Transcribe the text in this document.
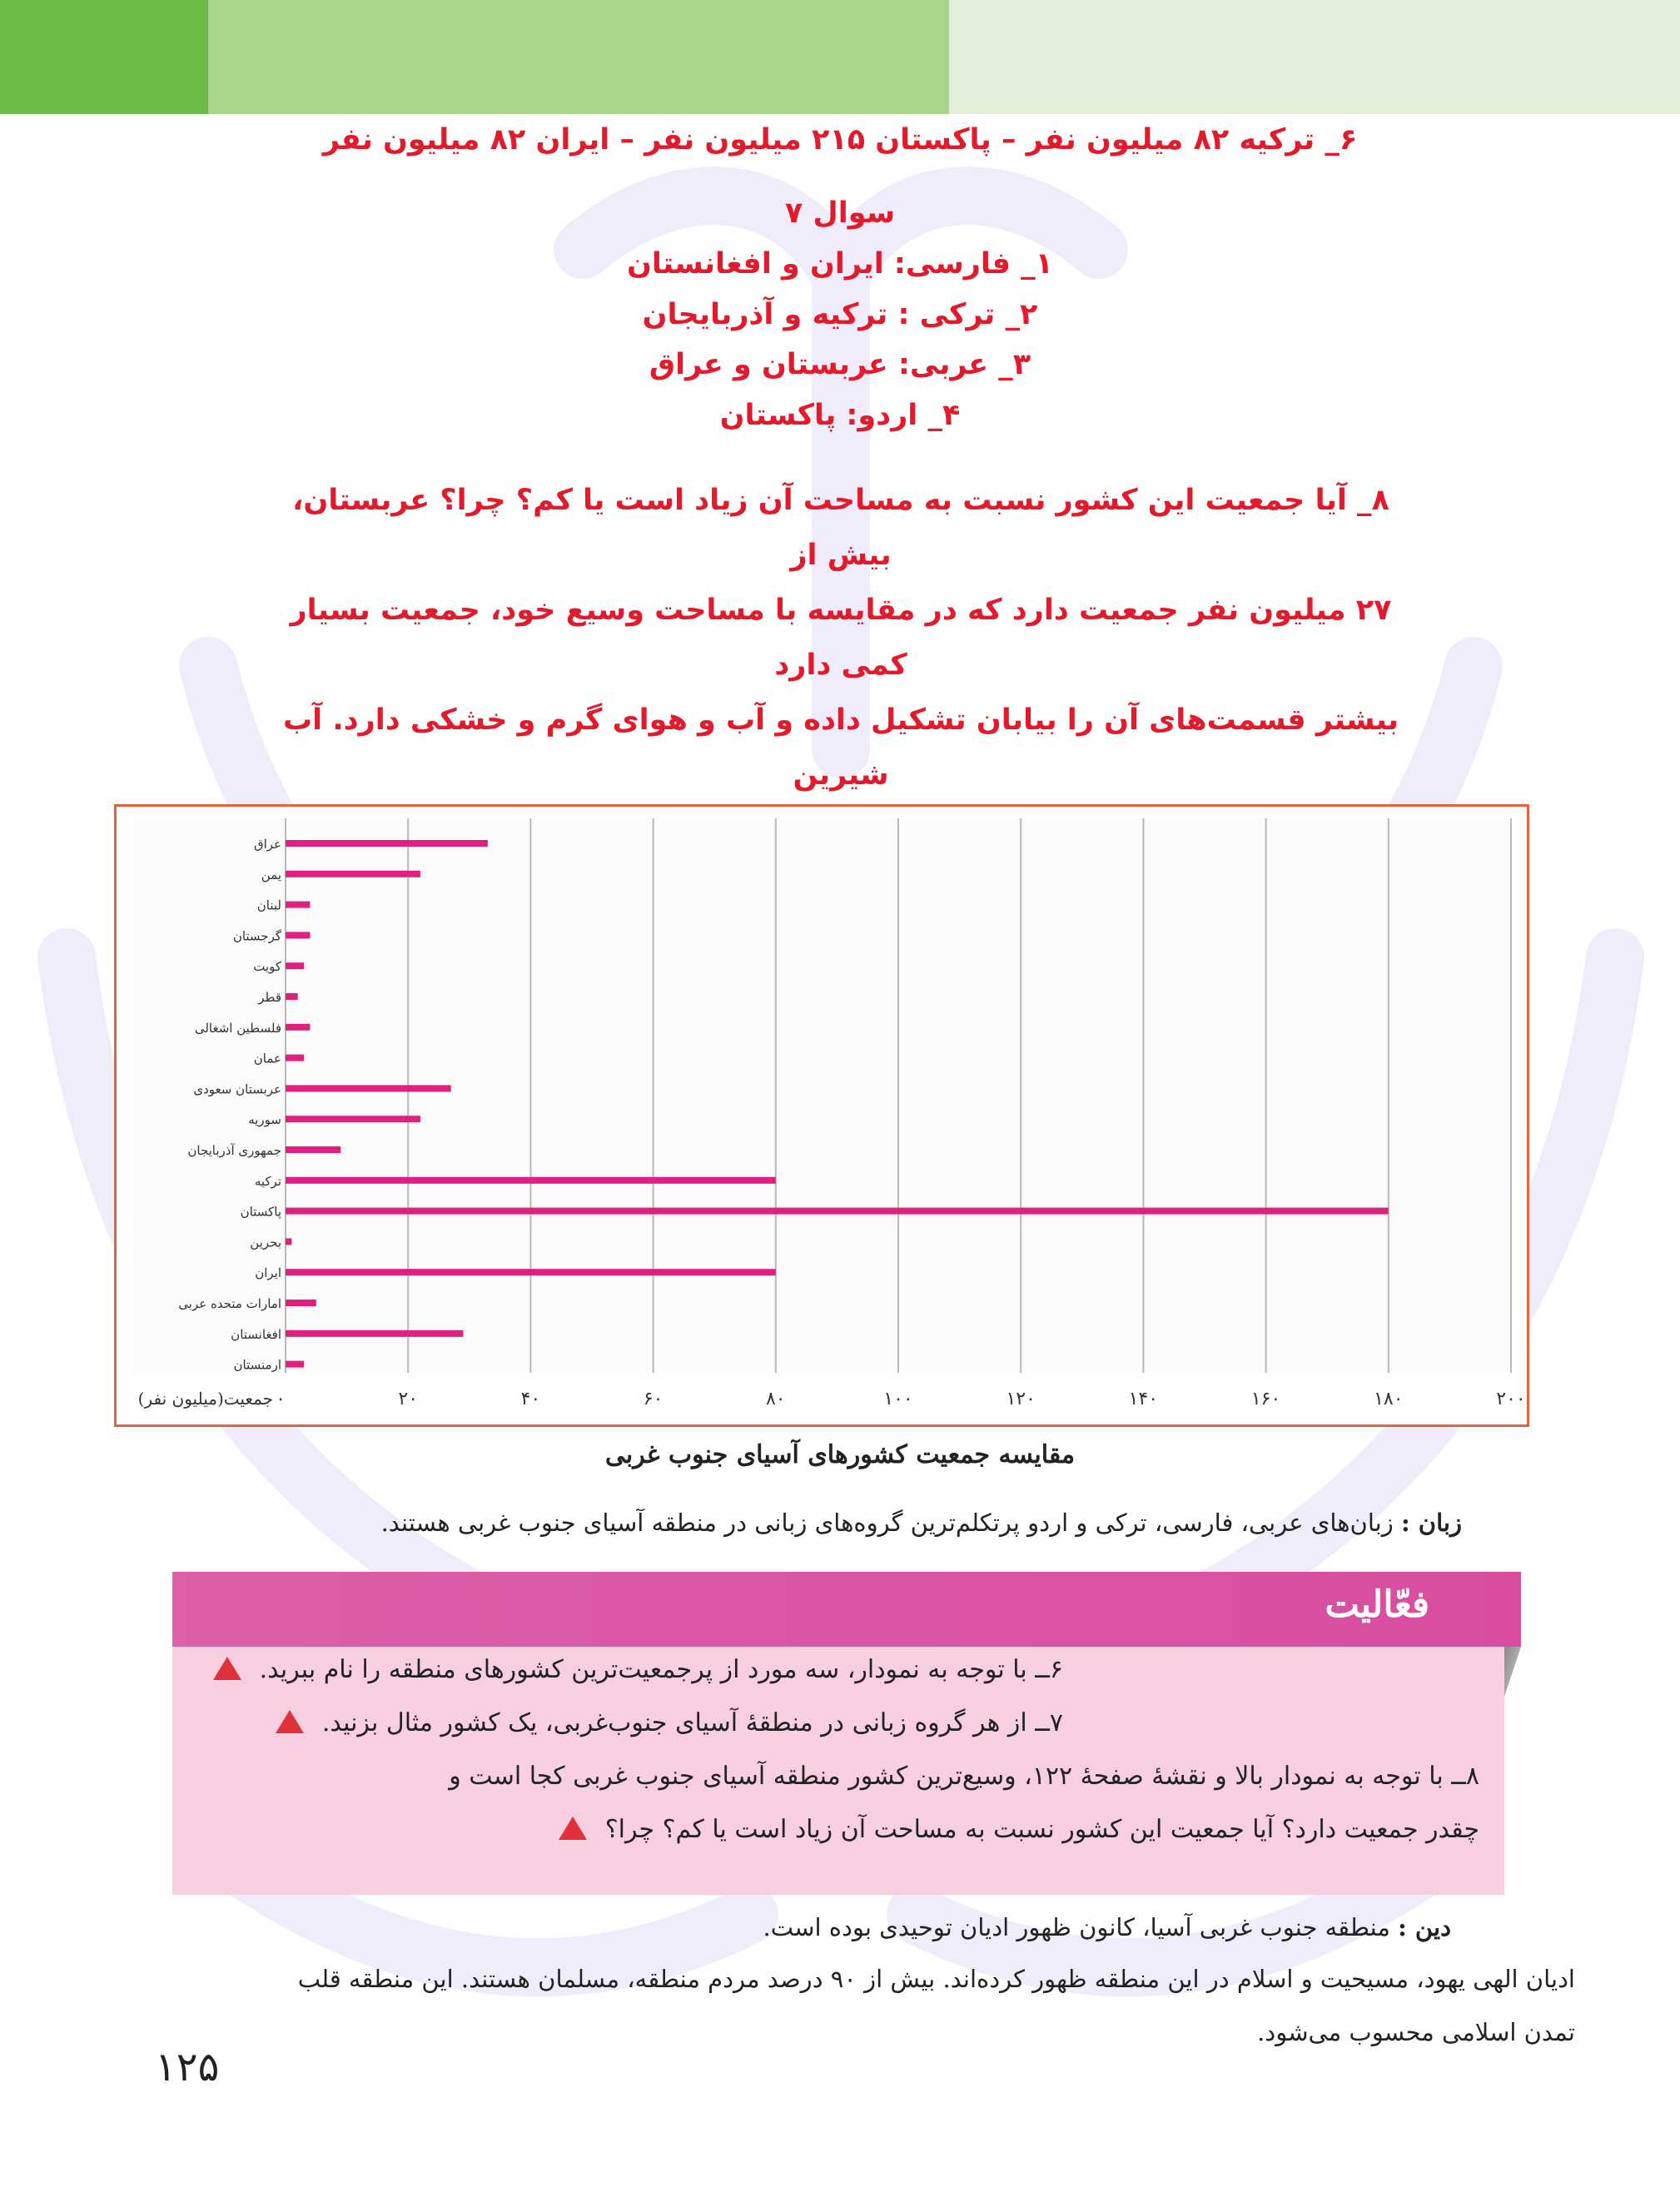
۶_ ترکیه ۸۲ میلیون نفر – پاکستان ۲۱۵ میلیون نفر – ایران ۸۲ میلیون نفر
سوال ۷
۱_ فارسی: ایران و افغانستان
۲_ ترکی : ترکیه و آذربایجان
۳_ عربی: عربستان و عراق
۴_ اردو: پاکستان
۸_ آیا جمعیت این کشور نسبت به مساحت آن زیاد است یا کم؟ چرا؟ عربستان، بیش از
۲۷ میلیون نفر جمعیت دارد که در مقایسه با مساحت وسیع خود، جمعیت بسیار کمی دارد
بیشتر قسمت‌های آن را بیابان تشکیل داده و آب و هوای گرم و خشکی دارد. آب شیرین
عراق
یمن
لبنان
گرجستان
کویت
قطر
فلسطین اشغالی
عمان
عربستان سعودی
سوریه
جمهوری آذربایجان
ترکیه
پاکستان
بحرین
ایران
امارات متحده عربی
افغانستان
ارمنستان
۰	۲۰	۴۰	۶۰	۸۰	۱۰۰	۱۲۰	۱۴۰	۱۶۰	۱۸۰	۲۰۰
جمعیت(میلیون نفر)
مقایسه جمعیت کشورهای آسیای جنوب غربی
زبان : زبان‌های عربی، فارسی، ترکی و اردو پرتکلم‌ترین گروه‌های زبانی در منطقه آسیای جنوب غربی هستند.
فعّالیت
۶ــ با توجه به نمودار، سه مورد از پرجمعیت‌ترین کشورهای منطقه را نام ببرید.
۷ــ از هر گروه زبانی در منطقهٔ آسیای جنوب‌غربی، یک کشور مثال بزنید.
۸ــ با توجه به نمودار بالا و نقشهٔ صفحهٔ ۱۲۲، وسیع‌ترین کشور منطقه آسیای جنوب غربی کجا است و
چقدر جمعیت دارد؟ آیا جمعیت این کشور نسبت به مساحت آن زیاد است یا کم؟ چرا؟
دین : منطقه جنوب غربی آسیا، کانون ظهور ادیان توحیدی بوده است.
ادیان الهی یهود، مسیحیت و اسلام در این منطقه ظهور کرده‌اند. بیش از ۹۰ درصد مردم منطقه، مسلمان هستند. این منطقه قلب
تمدن اسلامی محسوب می‌شود.
۱۲۵
